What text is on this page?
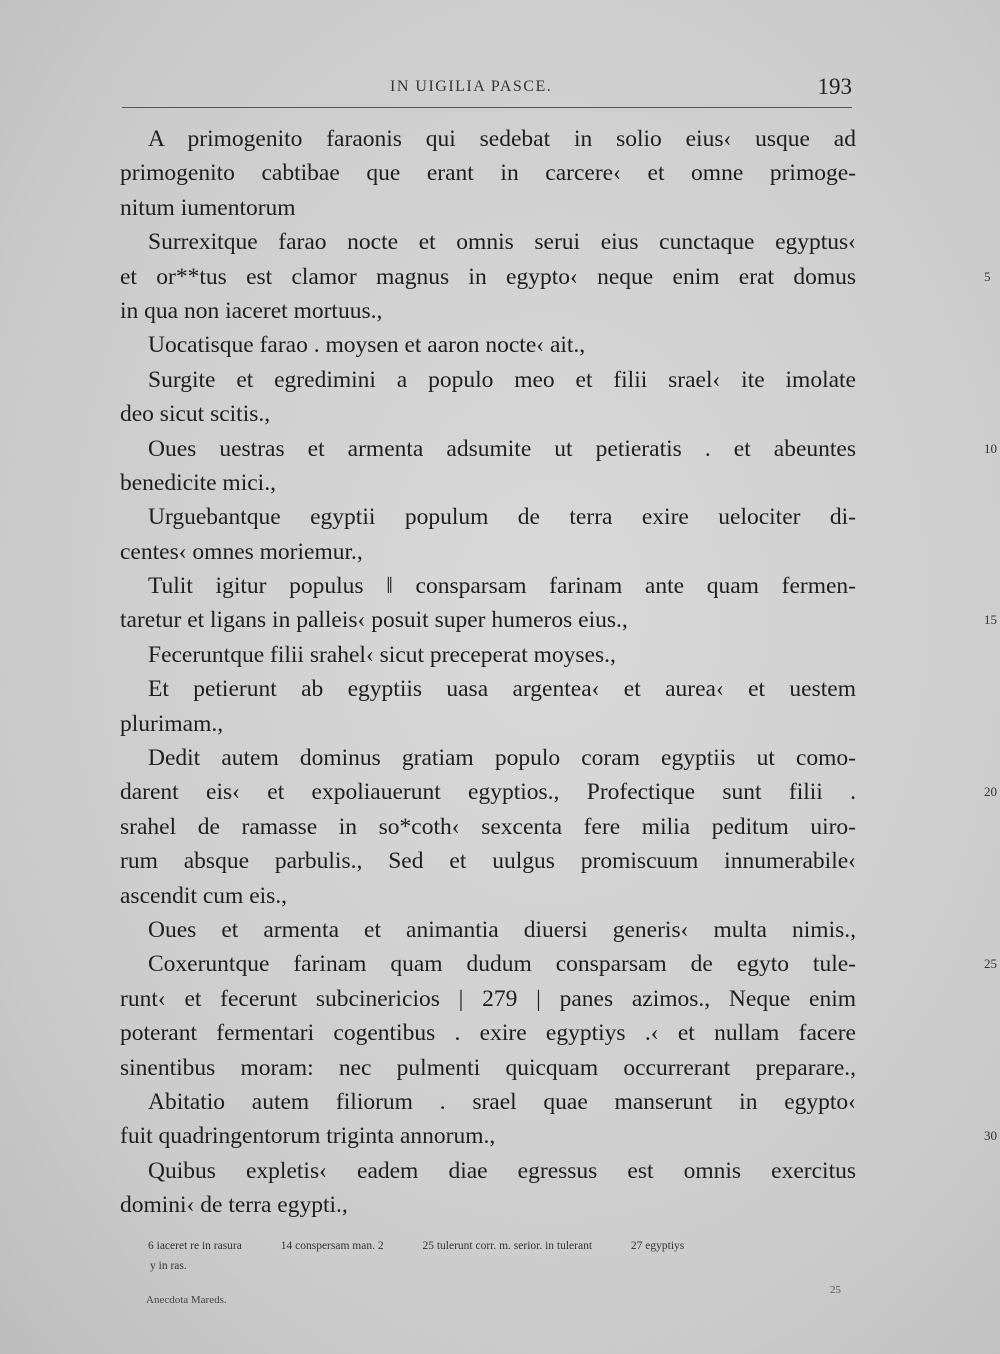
IN UIGILIA PASCE.	193
A primogenito faraonis qui sedebat in solio eius‹ usque ad
primogenito cabtibae que erant in carcere‹ et omne primoge-
nitum iumentorum
Surrexitque farao nocte et omnis serui eius cunctaque egyptus‹
et or**tus est clamor magnus in egypto‹ neque enim erat domus	5
in qua non iaceret mortuus.,
Uocatisque farao . moysen et aaron nocte‹ ait.,
Surgite et egredimini a populo meo et filii srael‹ ite imolate
deo sicut scitis.,
Oues uestras et armenta adsumite ut petieratis . et abeuntes	10
benedicite mici.,
Urguebantque egyptii populum de terra exire uelociter di-
centes‹ omnes moriemur.,
Tulit igitur populus ‖ consparsam farinam ante quam fermen-
taretur et ligans in palleis‹ posuit super humeros eius.,	15
Feceruntque filii srahel‹ sicut preceperat moyses.,
Et petierunt ab egyptiis uasa argentea‹ et aurea‹ et uestem
plurimam.,
Dedit autem dominus gratiam populo coram egyptiis ut como-
darent eis‹ et expoliauerunt egyptios., Profectique sunt filii .	20
srahel de ramasse in so*coth‹ sexcenta fere milia peditum uiro-
rum absque parbulis., Sed et uulgus promiscuum innumerabile‹
ascendit cum eis.,
Oues et armenta et animantia diuersi generis‹ multa nimis.,
Coxeruntque farinam quam dudum consparsam de egyto tule-	25
runt‹ et fecerunt subcinericios | 279 | panes azimos., Neque enim
poterant fermentari cogentibus . exire egyptiys .‹ et nullam facere
sinentibus moram: nec pulmenti quicquam occurrerant preparare.,
Abitatio autem filiorum . srael quae manserunt in egypto‹
fuit quadringentorum triginta annorum.,	30
Quibus expletis‹ eadem diae egressus est omnis exercitus
domini‹ de terra egypti.,
6 iaceret re in rasura	14 conspersam man. 2	25 tulerunt corr. m. serior. in tulerant	27 egyptiys
y in ras.
Anecdota Mareds.
25
